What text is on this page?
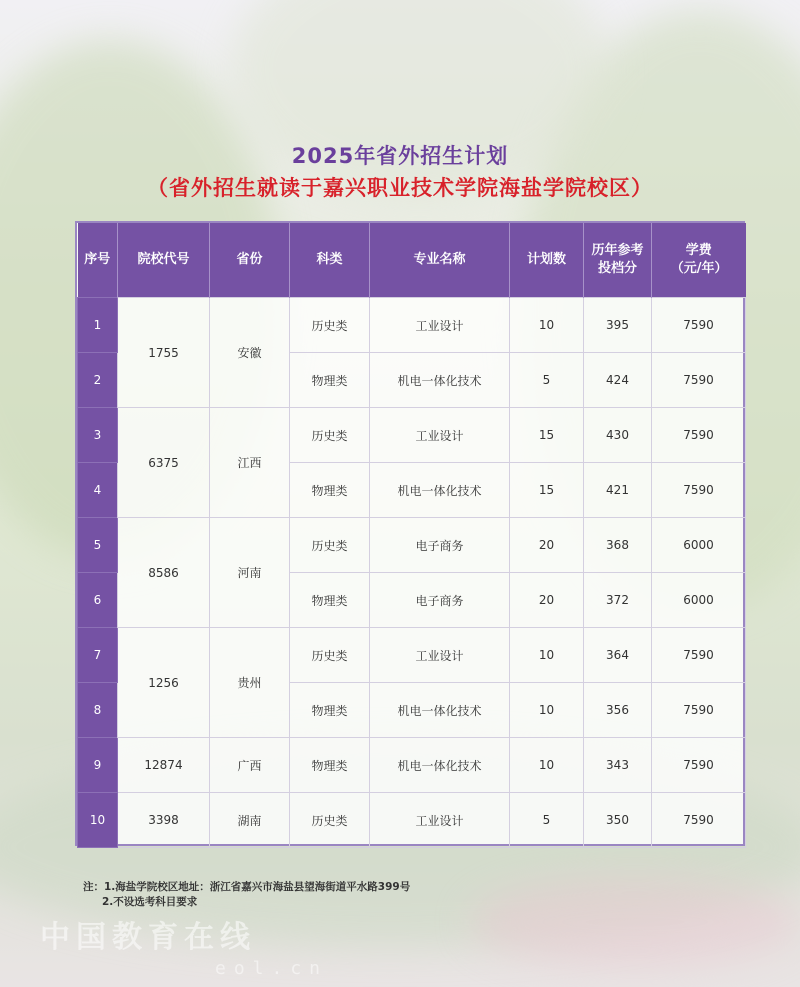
2025年省外招生计划
（省外招生就读于嘉兴职业技术学院海盐学院校区）
序号	院校代号	省份	科类	专业名称	计划数	历年参考投档分	学费（元/年）

1	1755	安徽	历史类	工业设计	10	395	7590
2			物理类	机电一体化技术	5	424	7590
3	6375	江西	历史类	工业设计	15	430	7590
4			物理类	机电一体化技术	15	421	7590
5	8586	河南	历史类	电子商务	20	368	6000
6			物理类	电子商务	20	372	6000
7	1256	贵州	历史类	工业设计	10	364	7590
8			物理类	机电一体化技术	10	356	7590
9	12874	广西	物理类	机电一体化技术	10	343	7590
10	3398	湖南	历史类	工业设计	5	350	7590
注：1.海盐学院校区地址：浙江省嘉兴市海盐县望海街道平水路399号
2.不设选考科目要求
中国教育在线
eol.cn
